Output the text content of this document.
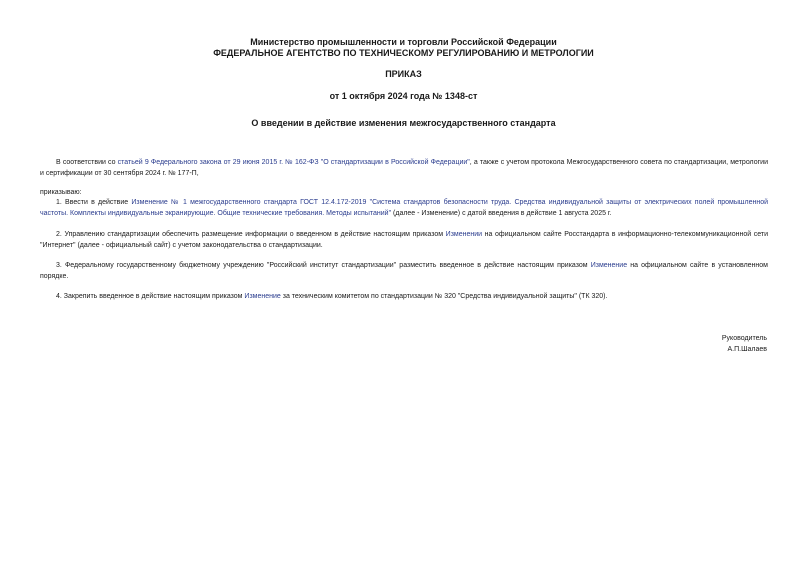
Министерство промышленности и торговли Российской Федерации
ФЕДЕРАЛЬНОЕ АГЕНТСТВО ПО ТЕХНИЧЕСКОМУ РЕГУЛИРОВАНИЮ И МЕТРОЛОГИИ
ПРИКАЗ
от 1 октября 2024 года № 1348-ст
О введении в действие изменения межгосударственного стандарта
В соответствии со статьей 9 Федерального закона от 29 июня 2015 г. № 162-ФЗ "О стандартизации в Российской Федерации", а также с учетом протокола Межгосударственного совета по стандартизации, метрологии и сертификации от 30 сентября 2024 г. № 177-П,
приказываю:
1. Ввести в действие Изменение № 1 межгосударственного стандарта ГОСТ 12.4.172-2019 "Система стандартов безопасности труда. Средства индивидуальной защиты от электрических полей промышленной частоты. Комплекты индивидуальные экранирующие. Общие технические требования. Методы испытаний" (далее - Изменение) с датой введения в действие 1 августа 2025 г.
2. Управлению стандартизации обеспечить размещение информации о введенном в действие настоящим приказом Изменении на официальном сайте Росстандарта в информационно-телекоммуникационной сети "Интернет" (далее - официальный сайт) с учетом законодательства о стандартизации.
3. Федеральному государственному бюджетному учреждению "Российский институт стандартизации" разместить введенное в действие настоящим приказом Изменение на официальном сайте в установленном порядке.
4. Закрепить введенное в действие настоящим приказом Изменение за техническим комитетом по стандартизации № 320 "Средства индивидуальной защиты" (ТК 320).
Руководитель
А.П.Шалаев
